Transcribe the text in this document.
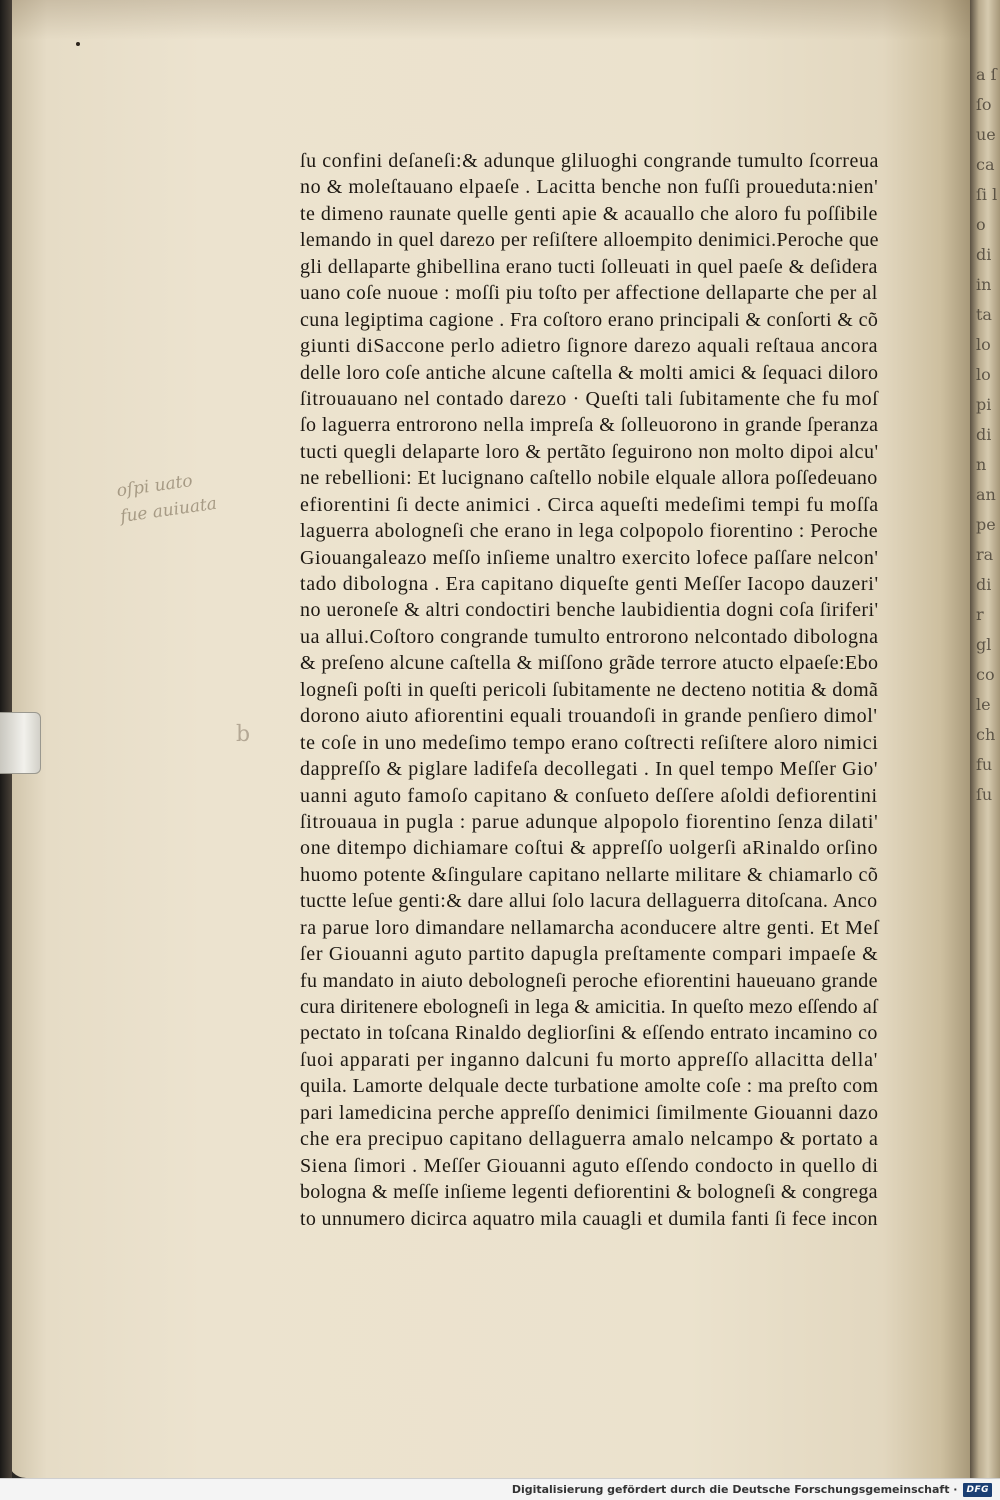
a ſ ſo ue ca ſi lo di in ta lo lo pi di n an pe ra di r gl co le ch fu ſu
oſpi uato
fue auiuata
b
ſu confini deſaneſi:& adunque gliluoghi congrande tumulto ſcorreua
no & moleſtauano elpaeſe . Lacitta benche non fuſſi proueduta:nien'
te dimeno raunate quelle genti apie & acauallo che aloro fu poſſibile
lemando in quel darezo per reſiſtere alloempito denimici.Peroche que
gli dellaparte ghibellina erano tucti ſolleuati in quel paeſe & deſidera
uano coſe nuoue : moſſi piu toſto per affectione dellaparte che per al
cuna legiptima cagione . Fra coſtoro erano principali & conſorti & cõ
giunti diSaccone perlo adietro ſignore darezo aquali reſtaua ancora
delle loro coſe antiche alcune caſtella & molti amici & ſequaci diloro
ſitrouauano nel contado darezo · Queſti tali ſubitamente che fu moſ
ſo laguerra entrorono nella impreſa & ſolleuorono in grande ſperanza
tucti quegli delaparte loro & pertãto ſeguirono non molto dipoi alcu'
ne rebellioni: Et lucignano caſtello nobile elquale allora poſſedeuano
efiorentini ſi decte animici . Circa aqueſti medeſimi tempi fu moſſa
laguerra abologneſi che erano in lega colpopolo fiorentino : Peroche
Giouangaleazo meſſo inſieme unaltro exercito lofece paſſare nelcon'
tado dibologna . Era capitano diqueſte genti Meſſer Iacopo dauzeri'
no ueroneſe & altri condoctiri benche laubidientia dogni coſa ſiriferi'
ua allui.Coſtoro congrande tumulto entrorono nelcontado dibologna
& preſeno alcune caſtella & miſſono grãde terrore atucto elpaeſe:Ebo
logneſi poſti in queſti pericoli ſubitamente ne decteno notitia & domã
dorono aiuto afiorentini equali trouandoſi in grande penſiero dimol'
te coſe in uno medeſimo tempo erano coſtrecti reſiſtere aloro nimici
dappreſſo & piglare ladifeſa decollegati . In quel tempo Meſſer Gio'
uanni aguto famoſo capitano & conſueto deſſere aſoldi defiorentini
ſitrouaua in pugla : parue adunque alpopolo fiorentino ſenza dilati'
one ditempo dichiamare coſtui & appreſſo uolgerſi aRinaldo orſino
huomo potente &ſingulare capitano nellarte militare & chiamarlo cõ
tuctte leſue genti:& dare allui ſolo lacura dellaguerra ditoſcana. Anco
ra parue loro dimandare nellamarcha aconducere altre genti. Et Meſ
ſer Giouanni aguto partito dapugla preſtamente compari impaeſe &
fu mandato in aiuto debologneſi peroche efiorentini haueuano grande
cura diritenere ebologneſi in lega & amicitia. In queſto mezo eſſendo aſ
pectato in toſcana Rinaldo degliorſini & eſſendo entrato incamino co
ſuoi apparati per inganno dalcuni fu morto appreſſo allacitta della'
quila. Lamorte delquale decte turbatione amolte coſe : ma preſto com
pari lamedicina perche appreſſo denimici ſimilmente Giouanni dazo
che era precipuo capitano dellaguerra amalo nelcampo & portato a
Siena ſimori . Meſſer Giouanni aguto eſſendo condocto in quello di
bologna & meſſe inſieme legenti defiorentini & bologneſi & congrega
to unnumero dicirca aquatro mila cauagli et dumila fanti ſi fece incon
Digitalisierung gefördert durch die Deutsche Forschungsgemeinschaft ·	DFG
